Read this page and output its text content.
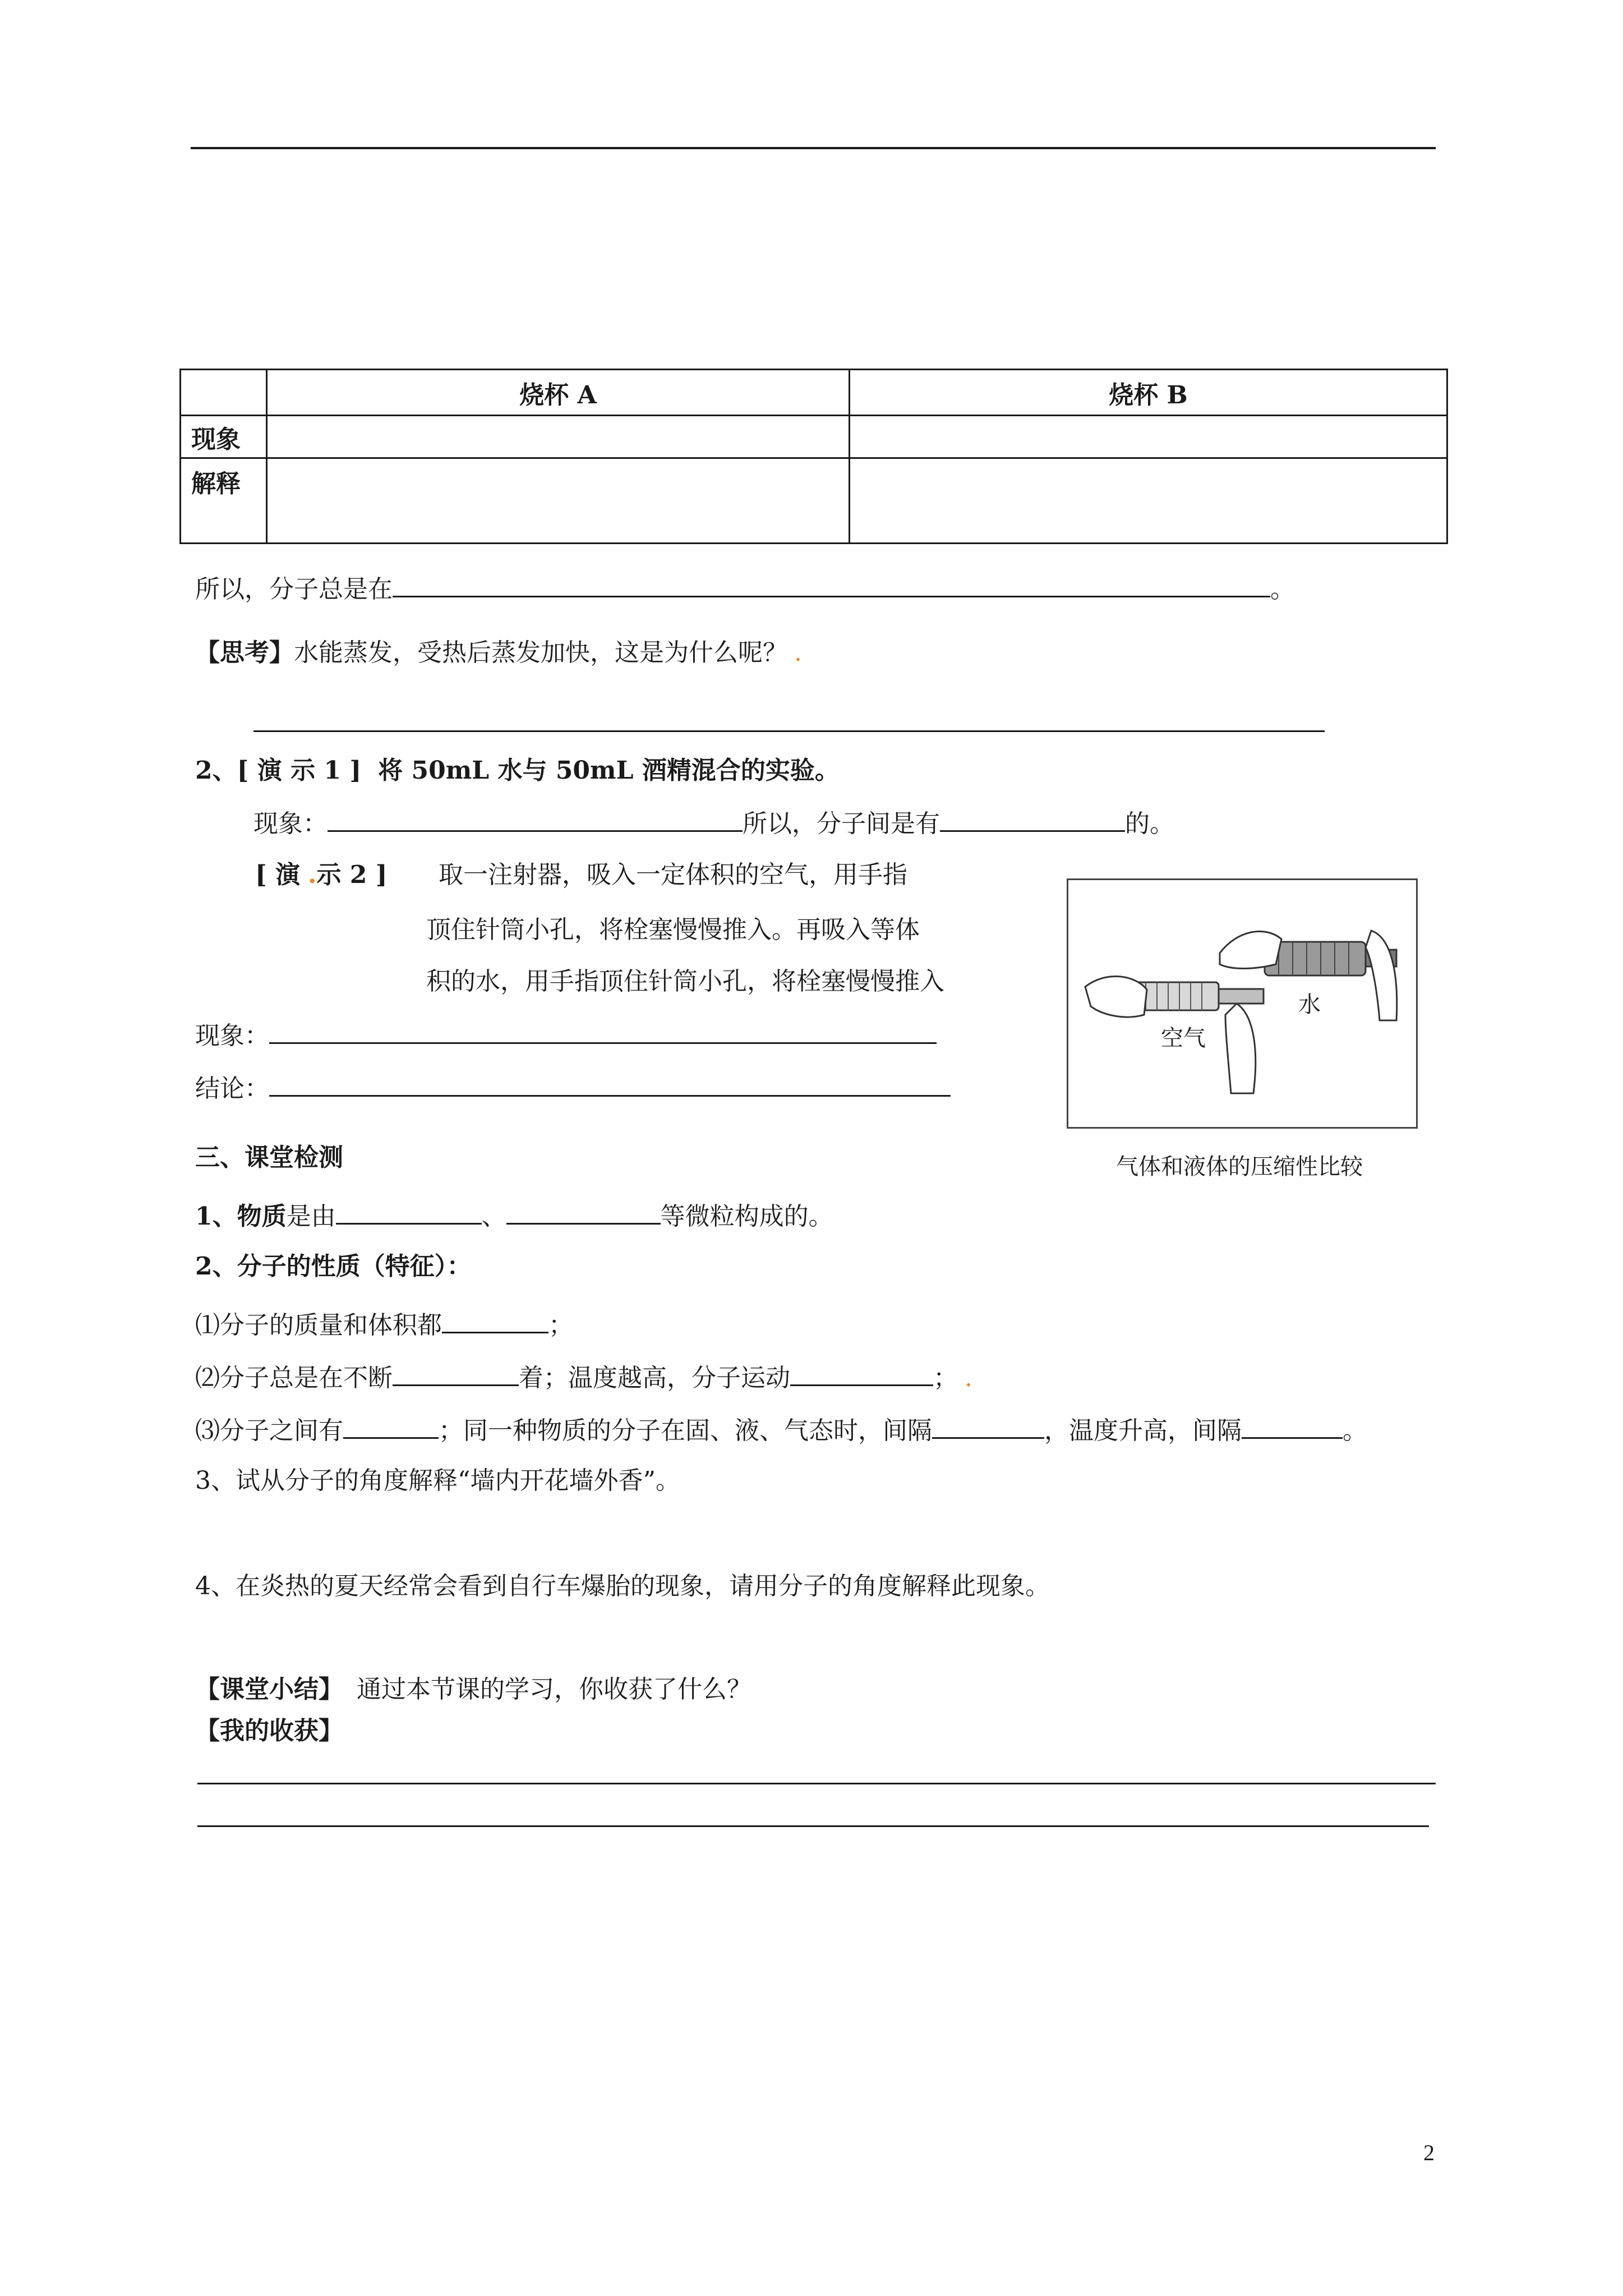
	烧杯 A	烧杯 B
现象		
解释		
所以，分子总是在	。
【思考】水能蒸发，受热后蒸发加快，这是为什么呢？ .
2、[ 演 示 1 ] 将 50mL 水与 50mL 酒精混合的实验。
现象：	所以，分子间是有	的。
[ 演 .示 2 ] 取一注射器，吸入一定体积的空气，用手指
顶住针筒小孔，将栓塞慢慢推入。再吸入等体
积的水，用手指顶住针筒小孔，将栓塞慢慢推入
现象：
结论：
空气
水
气体和液体的压缩性比较
三、课堂检测
1、物质是由	、	等微粒构成的。
2、分子的性质（特征）：
⑴分子的质量和体积都	；
⑵分子总是在不断	着；温度越高，分子运动	； .
⑶分子之间有	；同一种物质的分子在固、液、气态时，间隔	，温度升高，间隔	。
3、试从分子的角度解释“墙内开花墙外香”。
4、在炎热的夏天经常会看到自行车爆胎的现象，请用分子的角度解释此现象。
【课堂小结】 通过本节课的学习，你收获了什么？
【我的收获】
2
